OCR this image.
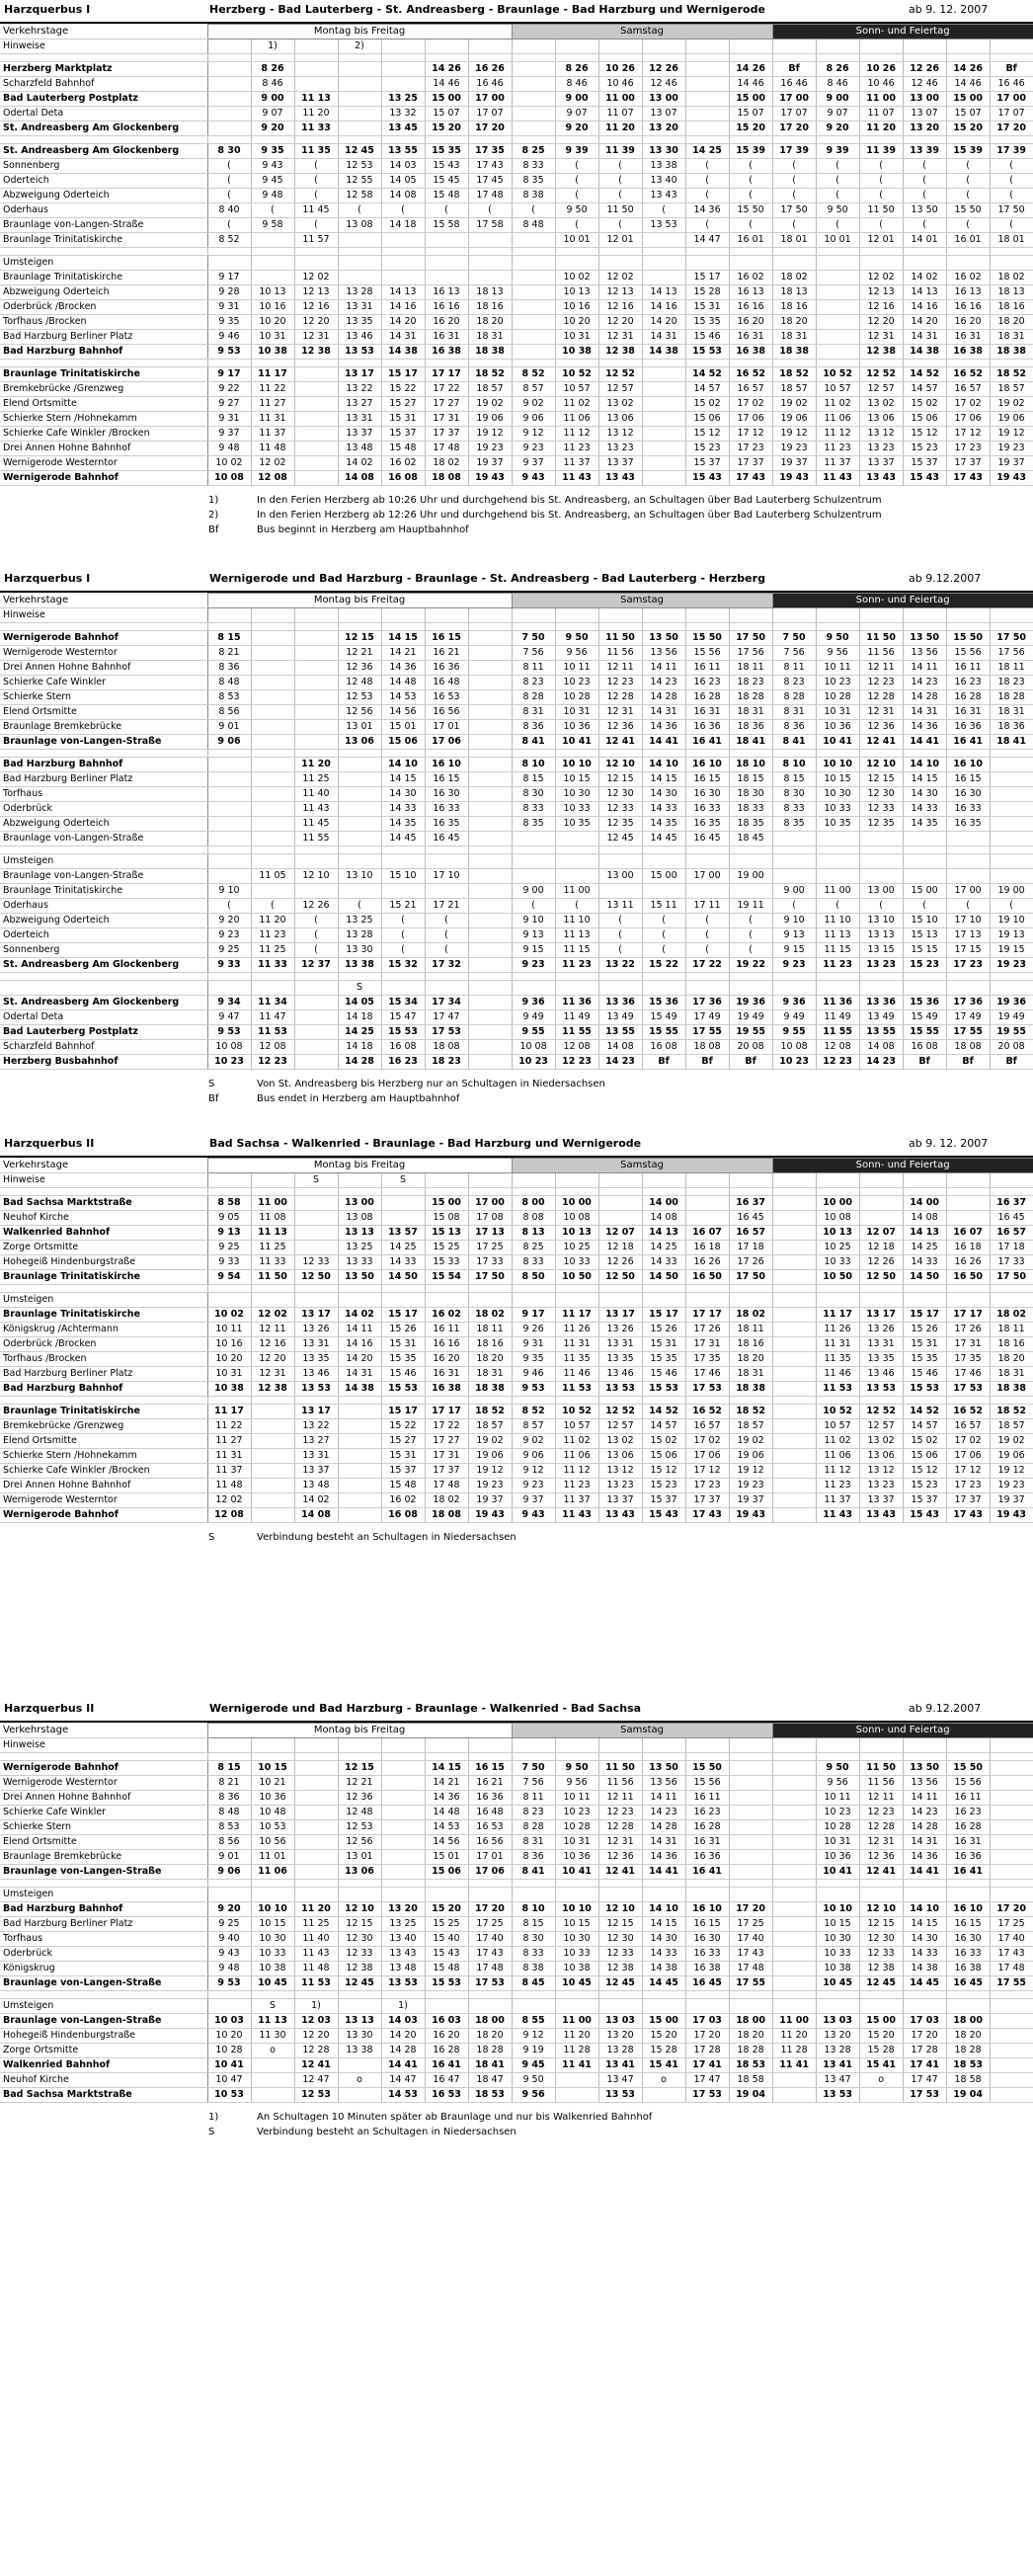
Harzquerbus I	Herzberg - Bad Lauterberg - St. Andreasberg - Braunlage - Bad Harzburg und Wernigerode	ab 9. 12. 2007
Verkehrstage	Montag bis Freitag							Samstag						Sonn- und Feiertag					
Hinweise		1)		2)															

Herzberg Marktplatz		8 26				14 26	16 26		8 26	10 26	12 26		14 26	Bf	8 26	10 26	12 26	14 26	Bf
Scharzfeld Bahnhof		8 46				14 46	16 46		8 46	10 46	12 46		14 46	16 46	8 46	10 46	12 46	14 46	16 46
Bad Lauterberg Postplatz		9 00	11 13		13 25	15 00	17 00		9 00	11 00	13 00		15 00	17 00	9 00	11 00	13 00	15 00	17 00
Odertal Deta		9 07	11 20		13 32	15 07	17 07		9 07	11 07	13 07		15 07	17 07	9 07	11 07	13 07	15 07	17 07
St. Andreasberg Am Glockenberg		9 20	11 33		13 45	15 20	17 20		9 20	11 20	13 20		15 20	17 20	9 20	11 20	13 20	15 20	17 20

St. Andreasberg Am Glockenberg	8 30	9 35	11 35	12 45	13 55	15 35	17 35	8 25	9 39	11 39	13 30	14 25	15 39	17 39	9 39	11 39	13 39	15 39	17 39
Sonnenberg	(	9 43	(	12 53	14 03	15 43	17 43	8 33	(	(	13 38	(	(	(	(	(	(	(	(
Oderteich	(	9 45	(	12 55	14 05	15 45	17 45	8 35	(	(	13 40	(	(	(	(	(	(	(	(
Abzweigung Oderteich	(	9 48	(	12 58	14 08	15 48	17 48	8 38	(	(	13 43	(	(	(	(	(	(	(	(
Oderhaus	8 40	(	11 45	(	(	(	(	(	9 50	11 50	(	14 36	15 50	17 50	9 50	11 50	13 50	15 50	17 50
Braunlage von-Langen-Straße	(	9 58	(	13 08	14 18	15 58	17 58	8 48	(	(	13 53	(	(	(	(	(	(	(	(
Braunlage Trinitatiskirche	8 52		11 57						10 01	12 01		14 47	16 01	18 01	10 01	12 01	14 01	16 01	18 01

Umsteigen																			
Braunlage Trinitatiskirche	9 17		12 02						10 02	12 02		15 17	16 02	18 02		12 02	14 02	16 02	18 02
Abzweigung Oderteich	9 28	10 13	12 13	13 28	14 13	16 13	18 13		10 13	12 13	14 13	15 28	16 13	18 13		12 13	14 13	16 13	18 13
Oderbrück /Brocken	9 31	10 16	12 16	13 31	14 16	16 16	18 16		10 16	12 16	14 16	15 31	16 16	18 16		12 16	14 16	16 16	18 16
Torfhaus /Brocken	9 35	10 20	12 20	13 35	14 20	16 20	18 20		10 20	12 20	14 20	15 35	16 20	18 20		12 20	14 20	16 20	18 20
Bad Harzburg Berliner Platz	9 46	10 31	12 31	13 46	14 31	16 31	18 31		10 31	12 31	14 31	15 46	16 31	18 31		12 31	14 31	16 31	18 31
Bad Harzburg Bahnhof	9 53	10 38	12 38	13 53	14 38	16 38	18 38		10 38	12 38	14 38	15 53	16 38	18 38		12 38	14 38	16 38	18 38

Braunlage Trinitatiskirche	9 17	11 17		13 17	15 17	17 17	18 52	8 52	10 52	12 52		14 52	16 52	18 52	10 52	12 52	14 52	16 52	18 52
Bremkebrücke /Grenzweg	9 22	11 22		13 22	15 22	17 22	18 57	8 57	10 57	12 57		14 57	16 57	18 57	10 57	12 57	14 57	16 57	18 57
Elend Ortsmitte	9 27	11 27		13 27	15 27	17 27	19 02	9 02	11 02	13 02		15 02	17 02	19 02	11 02	13 02	15 02	17 02	19 02
Schierke Stern /Hohnekamm	9 31	11 31		13 31	15 31	17 31	19 06	9 06	11 06	13 06		15 06	17 06	19 06	11 06	13 06	15 06	17 06	19 06
Schierke Cafe Winkler /Brocken	9 37	11 37		13 37	15 37	17 37	19 12	9 12	11 12	13 12		15 12	17 12	19 12	11 12	13 12	15 12	17 12	19 12
Drei Annen Hohne Bahnhof	9 48	11 48		13 48	15 48	17 48	19 23	9 23	11 23	13 23		15 23	17 23	19 23	11 23	13 23	15 23	17 23	19 23
Wernigerode Westerntor	10 02	12 02		14 02	16 02	18 02	19 37	9 37	11 37	13 37		15 37	17 37	19 37	11 37	13 37	15 37	17 37	19 37
Wernigerode Bahnhof	10 08	12 08		14 08	16 08	18 08	19 43	9 43	11 43	13 43		15 43	17 43	19 43	11 43	13 43	15 43	17 43	19 43
1)	In den Ferien Herzberg ab 10:26 Uhr und durchgehend bis St. Andreasberg, an Schultagen über Bad Lauterberg Schulzentrum
2)	In den Ferien Herzberg ab 12:26 Uhr und durchgehend bis St. Andreasberg, an Schultagen über Bad Lauterberg Schulzentrum
Bf	Bus beginnt in Herzberg am Hauptbahnhof
Harzquerbus I	Wernigerode und Bad Harzburg - Braunlage - St. Andreasberg - Bad Lauterberg - Herzberg	ab 9.12.2007
Verkehrstage	Montag bis Freitag							Samstag						Sonn- und Feiertag					
Hinweise																			

Wernigerode Bahnhof	8 15			12 15	14 15	16 15		7 50	9 50	11 50	13 50	15 50	17 50	7 50	9 50	11 50	13 50	15 50	17 50
Wernigerode Westerntor	8 21			12 21	14 21	16 21		7 56	9 56	11 56	13 56	15 56	17 56	7 56	9 56	11 56	13 56	15 56	17 56
Drei Annen Hohne Bahnhof	8 36			12 36	14 36	16 36		8 11	10 11	12 11	14 11	16 11	18 11	8 11	10 11	12 11	14 11	16 11	18 11
Schierke Cafe Winkler	8 48			12 48	14 48	16 48		8 23	10 23	12 23	14 23	16 23	18 23	8 23	10 23	12 23	14 23	16 23	18 23
Schierke Stern	8 53			12 53	14 53	16 53		8 28	10 28	12 28	14 28	16 28	18 28	8 28	10 28	12 28	14 28	16 28	18 28
Elend Ortsmitte	8 56			12 56	14 56	16 56		8 31	10 31	12 31	14 31	16 31	18 31	8 31	10 31	12 31	14 31	16 31	18 31
Braunlage Bremkebrücke	9 01			13 01	15 01	17 01		8 36	10 36	12 36	14 36	16 36	18 36	8 36	10 36	12 36	14 36	16 36	18 36
Braunlage von-Langen-Straße	9 06			13 06	15 06	17 06		8 41	10 41	12 41	14 41	16 41	18 41	8 41	10 41	12 41	14 41	16 41	18 41

Bad Harzburg Bahnhof			11 20		14 10	16 10		8 10	10 10	12 10	14 10	16 10	18 10	8 10	10 10	12 10	14 10	16 10	
Bad Harzburg Berliner Platz			11 25		14 15	16 15		8 15	10 15	12 15	14 15	16 15	18 15	8 15	10 15	12 15	14 15	16 15	
Torfhaus			11 40		14 30	16 30		8 30	10 30	12 30	14 30	16 30	18 30	8 30	10 30	12 30	14 30	16 30	
Oderbrück			11 43		14 33	16 33		8 33	10 33	12 33	14 33	16 33	18 33	8 33	10 33	12 33	14 33	16 33	
Abzweigung Oderteich			11 45		14 35	16 35		8 35	10 35	12 35	14 35	16 35	18 35	8 35	10 35	12 35	14 35	16 35	
Braunlage von-Langen-Straße			11 55		14 45	16 45				12 45	14 45	16 45	18 45						

Umsteigen																			
Braunlage von-Langen-Straße		11 05	12 10	13 10	15 10	17 10				13 00	15 00	17 00	19 00						
Braunlage Trinitatiskirche	9 10							9 00	11 00					9 00	11 00	13 00	15 00	17 00	19 00
Oderhaus	(	(	12 26	(	15 21	17 21		(	(	13 11	15 11	17 11	19 11	(	(	(	(	(	(
Abzweigung Oderteich	9 20	11 20	(	13 25	(	(		9 10	11 10	(	(	(	(	9 10	11 10	13 10	15 10	17 10	19 10
Oderteich	9 23	11 23	(	13 28	(	(		9 13	11 13	(	(	(	(	9 13	11 13	13 13	15 13	17 13	19 13
Sonnenberg	9 25	11 25	(	13 30	(	(		9 15	11 15	(	(	(	(	9 15	11 15	13 15	15 15	17 15	19 15
St. Andreasberg Am Glockenberg	9 33	11 33	12 37	13 38	15 32	17 32		9 23	11 23	13 22	15 22	17 22	19 22	9 23	11 23	13 23	15 23	17 23	19 23

				S															
St. Andreasberg Am Glockenberg	9 34	11 34		14 05	15 34	17 34		9 36	11 36	13 36	15 36	17 36	19 36	9 36	11 36	13 36	15 36	17 36	19 36
Odertal Deta	9 47	11 47		14 18	15 47	17 47		9 49	11 49	13 49	15 49	17 49	19 49	9 49	11 49	13 49	15 49	17 49	19 49
Bad Lauterberg Postplatz	9 53	11 53		14 25	15 53	17 53		9 55	11 55	13 55	15 55	17 55	19 55	9 55	11 55	13 55	15 55	17 55	19 55
Scharzfeld Bahnhof	10 08	12 08		14 18	16 08	18 08		10 08	12 08	14 08	16 08	18 08	20 08	10 08	12 08	14 08	16 08	18 08	20 08
Herzberg Busbahnhof	10 23	12 23		14 28	16 23	18 23		10 23	12 23	14 23	Bf	Bf	Bf	10 23	12 23	14 23	Bf	Bf	Bf
S	Von St. Andreasberg bis Herzberg nur an Schultagen in Niedersachsen
Bf	Bus endet in Herzberg am Hauptbahnhof
Harzquerbus II	Bad Sachsa - Walkenried - Braunlage - Bad Harzburg und Wernigerode	ab 9. 12. 2007
Verkehrstage	Montag bis Freitag							Samstag						Sonn- und Feiertag					
Hinweise			S		S														

Bad Sachsa Marktstraße	8 58	11 00		13 00		15 00	17 00	8 00	10 00		14 00		16 37		10 00		14 00		16 37
Neuhof Kirche	9 05	11 08		13 08		15 08	17 08	8 08	10 08		14 08		16 45		10 08		14 08		16 45
Walkenried Bahnhof	9 13	11 13		13 13	13 57	15 13	17 13	8 13	10 13	12 07	14 13	16 07	16 57		10 13	12 07	14 13	16 07	16 57
Zorge Ortsmitte	9 25	11 25		13 25	14 25	15 25	17 25	8 25	10 25	12 18	14 25	16 18	17 18		10 25	12 18	14 25	16 18	17 18
Hohegeiß Hindenburgstraße	9 33	11 33	12 33	13 33	14 33	15 33	17 33	8 33	10 33	12 26	14 33	16 26	17 26		10 33	12 26	14 33	16 26	17 33
Braunlage Trinitatiskirche	9 54	11 50	12 50	13 50	14 50	15 54	17 50	8 50	10 50	12 50	14 50	16 50	17 50		10 50	12 50	14 50	16 50	17 50

Umsteigen																			
Braunlage Trinitatiskirche	10 02	12 02	13 17	14 02	15 17	16 02	18 02	9 17	11 17	13 17	15 17	17 17	18 02		11 17	13 17	15 17	17 17	18 02
Königskrug /Achtermann	10 11	12 11	13 26	14 11	15 26	16 11	18 11	9 26	11 26	13 26	15 26	17 26	18 11		11 26	13 26	15 26	17 26	18 11
Oderbrück /Brocken	10 16	12 16	13 31	14 16	15 31	16 16	18 16	9 31	11 31	13 31	15 31	17 31	18 16		11 31	13 31	15 31	17 31	18 16
Torfhaus /Brocken	10 20	12 20	13 35	14 20	15 35	16 20	18 20	9 35	11 35	13 35	15 35	17 35	18 20		11 35	13 35	15 35	17 35	18 20
Bad Harzburg Berliner Platz	10 31	12 31	13 46	14 31	15 46	16 31	18 31	9 46	11 46	13 46	15 46	17 46	18 31		11 46	13 46	15 46	17 46	18 31
Bad Harzburg Bahnhof	10 38	12 38	13 53	14 38	15 53	16 38	18 38	9 53	11 53	13 53	15 53	17 53	18 38		11 53	13 53	15 53	17 53	18 38

Braunlage Trinitatiskirche	11 17		13 17		15 17	17 17	18 52	8 52	10 52	12 52	14 52	16 52	18 52		10 52	12 52	14 52	16 52	18 52
Bremkebrücke /Grenzweg	11 22		13 22		15 22	17 22	18 57	8 57	10 57	12 57	14 57	16 57	18 57		10 57	12 57	14 57	16 57	18 57
Elend Ortsmitte	11 27		13 27		15 27	17 27	19 02	9 02	11 02	13 02	15 02	17 02	19 02		11 02	13 02	15 02	17 02	19 02
Schierke Stern /Hohnekamm	11 31		13 31		15 31	17 31	19 06	9 06	11 06	13 06	15 06	17 06	19 06		11 06	13 06	15 06	17 06	19 06
Schierke Cafe Winkler /Brocken	11 37		13 37		15 37	17 37	19 12	9 12	11 12	13 12	15 12	17 12	19 12		11 12	13 12	15 12	17 12	19 12
Drei Annen Hohne Bahnhof	11 48		13 48		15 48	17 48	19 23	9 23	11 23	13 23	15 23	17 23	19 23		11 23	13 23	15 23	17 23	19 23
Wernigerode Westerntor	12 02		14 02		16 02	18 02	19 37	9 37	11 37	13 37	15 37	17 37	19 37		11 37	13 37	15 37	17 37	19 37
Wernigerode Bahnhof	12 08		14 08		16 08	18 08	19 43	9 43	11 43	13 43	15 43	17 43	19 43		11 43	13 43	15 43	17 43	19 43
S	Verbindung besteht an Schultagen in Niedersachsen
Harzquerbus II	Wernigerode und Bad Harzburg - Braunlage - Walkenried - Bad Sachsa	ab 9.12.2007
Verkehrstage	Montag bis Freitag							Samstag						Sonn- und Feiertag					
Hinweise																			

Wernigerode Bahnhof	8 15	10 15		12 15		14 15	16 15	7 50	9 50	11 50	13 50	15 50			9 50	11 50	13 50	15 50	
Wernigerode Westerntor	8 21	10 21		12 21		14 21	16 21	7 56	9 56	11 56	13 56	15 56			9 56	11 56	13 56	15 56	
Drei Annen Hohne Bahnhof	8 36	10 36		12 36		14 36	16 36	8 11	10 11	12 11	14 11	16 11			10 11	12 11	14 11	16 11	
Schierke Cafe Winkler	8 48	10 48		12 48		14 48	16 48	8 23	10 23	12 23	14 23	16 23			10 23	12 23	14 23	16 23	
Schierke Stern	8 53	10 53		12 53		14 53	16 53	8 28	10 28	12 28	14 28	16 28			10 28	12 28	14 28	16 28	
Elend Ortsmitte	8 56	10 56		12 56		14 56	16 56	8 31	10 31	12 31	14 31	16 31			10 31	12 31	14 31	16 31	
Braunlage Bremkebrücke	9 01	11 01		13 01		15 01	17 01	8 36	10 36	12 36	14 36	16 36			10 36	12 36	14 36	16 36	
Braunlage von-Langen-Straße	9 06	11 06		13 06		15 06	17 06	8 41	10 41	12 41	14 41	16 41			10 41	12 41	14 41	16 41	

Umsteigen																			
Bad Harzburg Bahnhof	9 20	10 10	11 20	12 10	13 20	15 20	17 20	8 10	10 10	12 10	14 10	16 10	17 20		10 10	12 10	14 10	16 10	17 20
Bad Harzburg Berliner Platz	9 25	10 15	11 25	12 15	13 25	15 25	17 25	8 15	10 15	12 15	14 15	16 15	17 25		10 15	12 15	14 15	16 15	17 25
Torfhaus	9 40	10 30	11 40	12 30	13 40	15 40	17 40	8 30	10 30	12 30	14 30	16 30	17 40		10 30	12 30	14 30	16 30	17 40
Oderbrück	9 43	10 33	11 43	12 33	13 43	15 43	17 43	8 33	10 33	12 33	14 33	16 33	17 43		10 33	12 33	14 33	16 33	17 43
Königskrug	9 48	10 38	11 48	12 38	13 48	15 48	17 48	8 38	10 38	12 38	14 38	16 38	17 48		10 38	12 38	14 38	16 38	17 48
Braunlage von-Langen-Straße	9 53	10 45	11 53	12 45	13 53	15 53	17 53	8 45	10 45	12 45	14 45	16 45	17 55		10 45	12 45	14 45	16 45	17 55

Umsteigen		S	1)		1)														
Braunlage von-Langen-Straße	10 03	11 13	12 03	13 13	14 03	16 03	18 00	8 55	11 00	13 03	15 00	17 03	18 00	11 00	13 03	15 00	17 03	18 00	
Hohegeiß Hindenburgstraße	10 20	11 30	12 20	13 30	14 20	16 20	18 20	9 12	11 20	13 20	15 20	17 20	18 20	11 20	13 20	15 20	17 20	18 20	
Zorge Ortsmitte	10 28	o	12 28	13 38	14 28	16 28	18 28	9 19	11 28	13 28	15 28	17 28	18 28	11 28	13 28	15 28	17 28	18 28	
Walkenried Bahnhof	10 41		12 41		14 41	16 41	18 41	9 45	11 41	13 41	15 41	17 41	18 53	11 41	13 41	15 41	17 41	18 53	
Neuhof Kirche	10 47		12 47	o	14 47	16 47	18 47	9 50		13 47	o	17 47	18 58		13 47	o	17 47	18 58	
Bad Sachsa Marktstraße	10 53		12 53		14 53	16 53	18 53	9 56		13 53		17 53	19 04		13 53		17 53	19 04	
1)	An Schultagen 10 Minuten später ab Braunlage und nur bis Walkenried Bahnhof
S	Verbindung besteht an Schultagen in Niedersachsen
